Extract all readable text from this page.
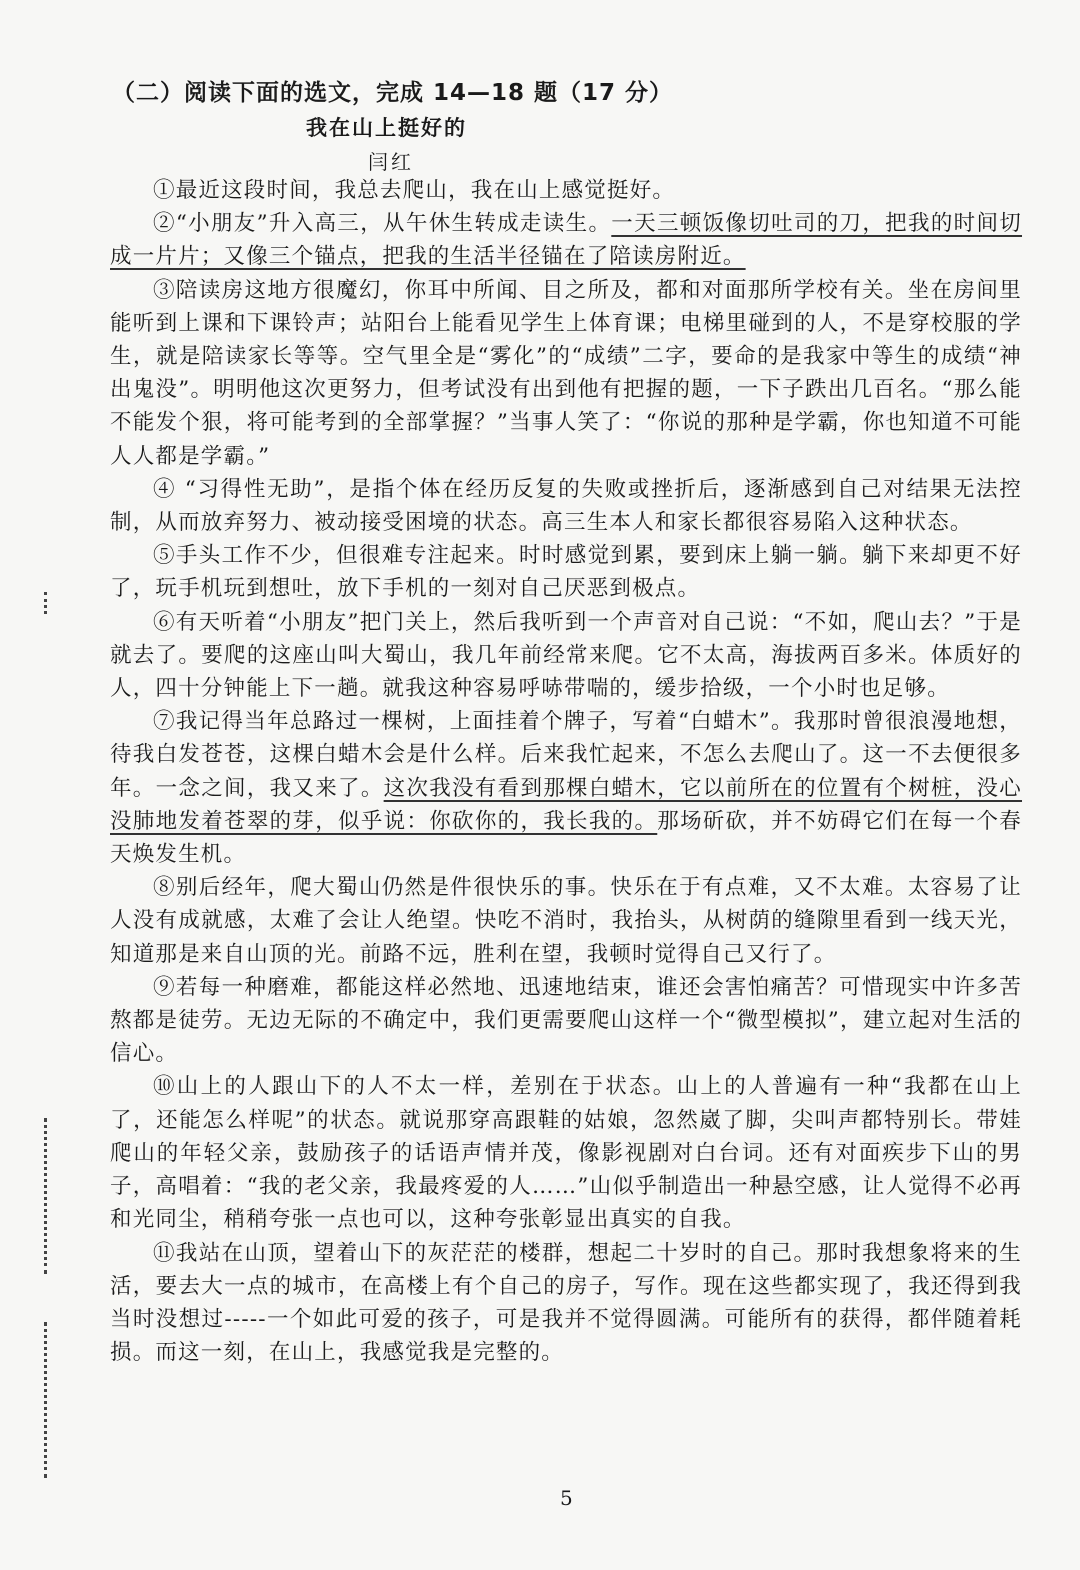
（二）阅读下面的选文，完成 14—18 题（17 分）
我在山上挺好的
闫红

①最近这段时间，我总去爬山，我在山上感觉挺好。

②“小朋友”升入高三，从午休生转成走读生。一天三顿饭像切吐司的刀，把我的时间切成一片片；又像三个锚点，把我的生活半径锚在了陪读房附近。

③陪读房这地方很魔幻，你耳中所闻、目之所及，都和对面那所学校有关。坐在房间里能听到上课和下课铃声；站阳台上能看见学生上体育课；电梯里碰到的人，不是穿校服的学生，就是陪读家长等等。空气里全是“雾化”的“成绩”二字，要命的是我家中等生的成绩“神出鬼没”。明明他这次更努力，但考试没有出到他有把握的题，一下子跌出几百名。“那么能不能发个狠，将可能考到的全部掌握？”当事人笑了：“你说的那种是学霸，你也知道不可能人人都是学霸。”

④ “习得性无助”，是指个体在经历反复的失败或挫折后，逐渐感到自己对结果无法控制，从而放弃努力、被动接受困境的状态。高三生本人和家长都很容易陷入这种状态。

⑤手头工作不少，但很难专注起来。时时感觉到累，要到床上躺一躺。躺下来却更不好了，玩手机玩到想吐，放下手机的一刻对自己厌恶到极点。

⑥有天听着“小朋友”把门关上，然后我听到一个声音对自己说：“不如，爬山去？”于是就去了。要爬的这座山叫大蜀山，我几年前经常来爬。它不太高，海拔两百多米。体质好的人，四十分钟能上下一趟。就我这种容易呼哧带喘的，缓步拾级，一个小时也足够。

⑦我记得当年总路过一棵树，上面挂着个牌子，写着“白蜡木”。我那时曾很浪漫地想，待我白发苍苍，这棵白蜡木会是什么样。后来我忙起来，不怎么去爬山了。这一不去便很多年。一念之间，我又来了。这次我没有看到那棵白蜡木，它以前所在的位置有个树桩，没心没肺地发着苍翠的芽，似乎说：你砍你的，我长我的。那场斫砍，并不妨碍它们在每一个春天焕发生机。

⑧别后经年，爬大蜀山仍然是件很快乐的事。快乐在于有点难，又不太难。太容易了让人没有成就感，太难了会让人绝望。快吃不消时，我抬头，从树荫的缝隙里看到一线天光，知道那是来自山顶的光。前路不远，胜利在望，我顿时觉得自己又行了。

⑨若每一种磨难，都能这样必然地、迅速地结束，谁还会害怕痛苦？可惜现实中许多苦熬都是徒劳。无边无际的不确定中，我们更需要爬山这样一个“微型模拟”，建立起对生活的信心。

⑩山上的人跟山下的人不太一样，差别在于状态。山上的人普遍有一种“我都在山上了，还能怎么样呢”的状态。就说那穿高跟鞋的姑娘，忽然崴了脚，尖叫声都特别长。带娃爬山的年轻父亲，鼓励孩子的话语声情并茂，像影视剧对白台词。还有对面疾步下山的男子，高唱着：“我的老父亲，我最疼爱的人……”山似乎制造出一种悬空感，让人觉得不必再和光同尘，稍稍夸张一点也可以，这种夸张彰显出真实的自我。

⑪我站在山顶，望着山下的灰茫茫的楼群，想起二十岁时的自己。那时我想象将来的生活，要去大一点的城市，在高楼上有个自己的房子，写作。现在这些都实现了，我还得到我当时没想过-----一个如此可爱的孩子，可是我并不觉得圆满。可能所有的获得，都伴随着耗损。而这一刻，在山上，我感觉我是完整的。

5
